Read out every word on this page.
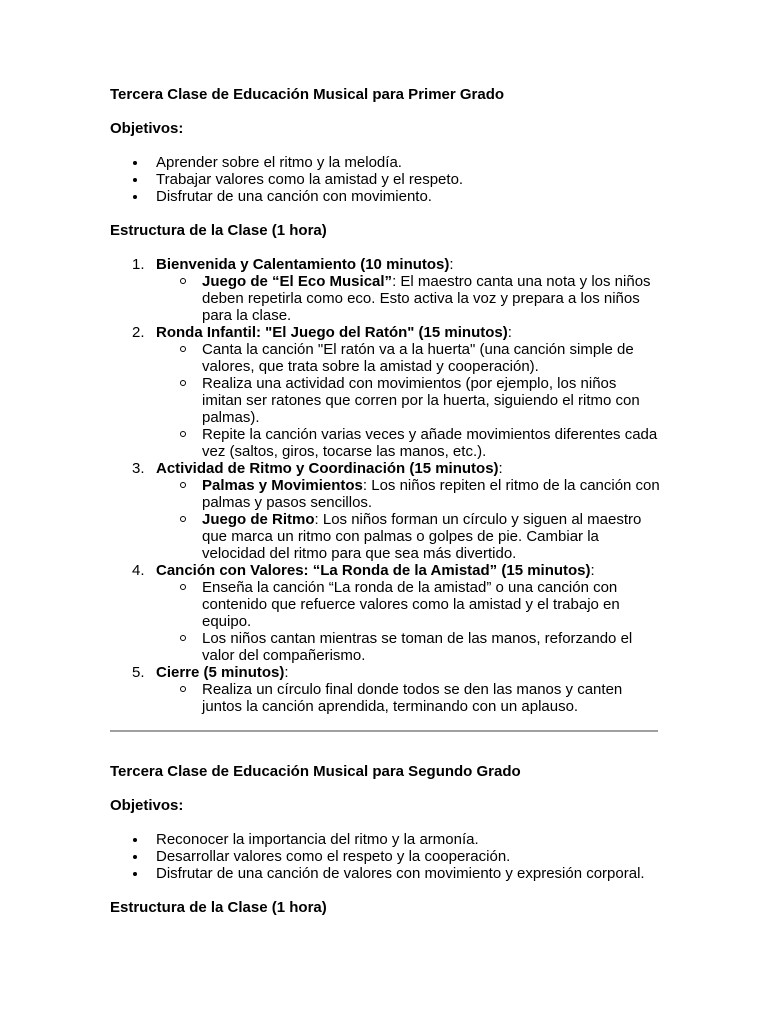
Tercera Clase de Educación Musical para Primer Grado

Objetivos:

Aprender sobre el ritmo y la melodía.
Trabajar valores como la amistad y el respeto.
Disfrutar de una canción con movimiento.

Estructura de la Clase (1 hora)

1. Bienvenida y Calentamiento (10 minutos):
Juego de “El Eco Musical”: El maestro canta una nota y los niños deben repetirla como eco. Esto activa la voz y prepara a los niños para la clase.
2. Ronda Infantil: "El Juego del Ratón" (15 minutos):
Canta la canción "El ratón va a la huerta" (una canción simple de valores, que trata sobre la amistad y cooperación).
Realiza una actividad con movimientos (por ejemplo, los niños imitan ser ratones que corren por la huerta, siguiendo el ritmo con palmas).
Repite la canción varias veces y añade movimientos diferentes cada vez (saltos, giros, tocarse las manos, etc.).
3. Actividad de Ritmo y Coordinación (15 minutos):
Palmas y Movimientos: Los niños repiten el ritmo de la canción con palmas y pasos sencillos.
Juego de Ritmo: Los niños forman un círculo y siguen al maestro que marca un ritmo con palmas o golpes de pie. Cambiar la velocidad del ritmo para que sea más divertido.
4. Canción con Valores: “La Ronda de la Amistad” (15 minutos):
Enseña la canción “La ronda de la amistad” o una canción con contenido que refuerce valores como la amistad y el trabajo en equipo.
Los niños cantan mientras se toman de las manos, reforzando el valor del compañerismo.
5. Cierre (5 minutos):
Realiza un círculo final donde todos se den las manos y canten juntos la canción aprendida, terminando con un aplauso.

Tercera Clase de Educación Musical para Segundo Grado

Objetivos:

Reconocer la importancia del ritmo y la armonía.
Desarrollar valores como el respeto y la cooperación.
Disfrutar de una canción de valores con movimiento y expresión corporal.

Estructura de la Clase (1 hora)
